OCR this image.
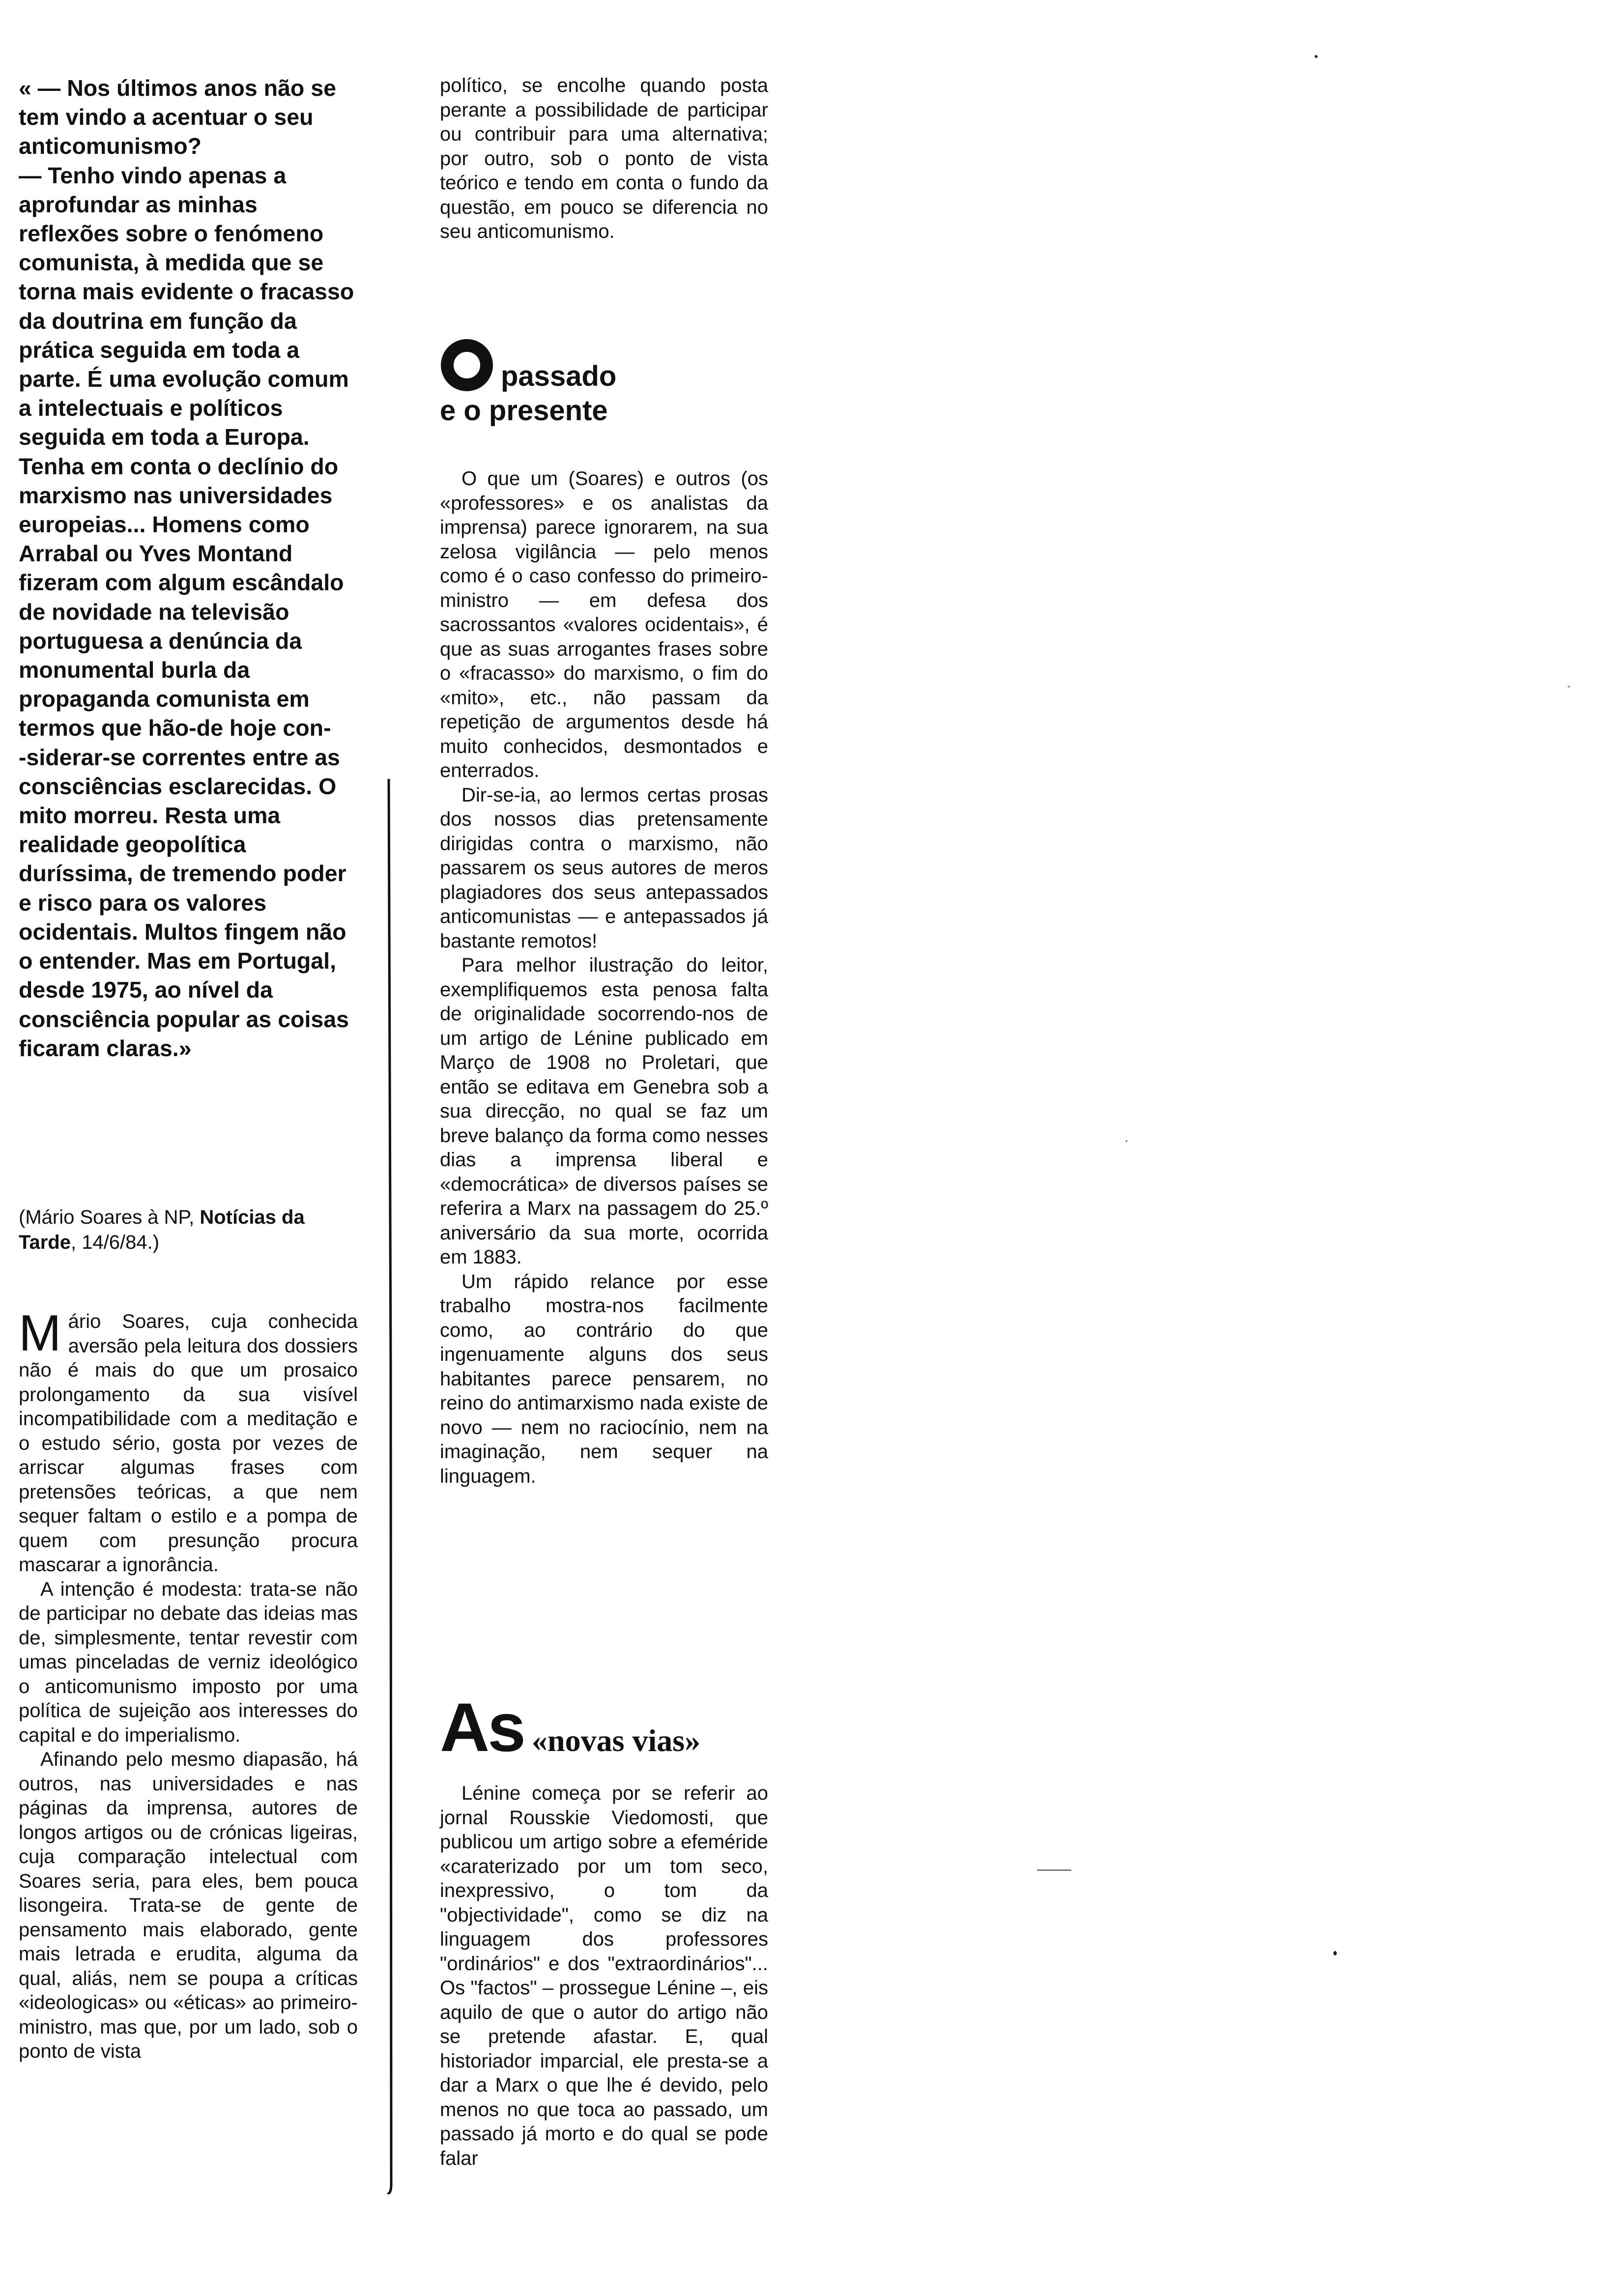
« — Nos últimos anos não se tem vindo a acentuar o seu anticomunismo?

— Tenho vindo apenas a aprofundar as minhas reflexões sobre o fenómeno comunista, à medida que se torna mais evidente o fracasso da doutrina em função da prática seguida em toda a parte. É uma evolução comum a intelectuais e políticos seguida em toda a Europa. Tenha em conta o declínio do marxismo nas universidades europeias... Homens como Arrabal ou Yves Montand fizeram com algum escândalo de novidade na televisão portuguesa a denúncia da monumental burla da propaganda comunista em termos que hão-de hoje con‑ ‑siderar-se correntes entre as consciências esclarecidas. O mito morreu. Resta uma realidade geopolítica duríssima, de tremendo poder e risco para os valores ocidentais. Multos fingem não o entender. Mas em Portugal, desde 1975, ao nível da consciência popular as coisas ficaram claras.»

(Mário Soares à NP, Notícias da Tarde, 14/6/84.)

Mário Soares, cuja conhecida aversão pela leitura dos dossiers não é mais do que um prosaico prolongamento da sua visível incompatibilidade com a meditação e o estudo sério, gosta por vezes de arriscar algumas frases com pretensões teóricas, a que nem sequer faltam o estilo e a pompa de quem com presunção procura mascarar a ignorância.

A intenção é modesta: trata-se não de participar no debate das ideias mas de, simplesmente, tentar revestir com umas pinceladas de verniz ideológico o anticomunismo imposto por uma política de sujeição aos interesses do capital e do imperialismo.

Afinando pelo mesmo diapasão, há outros, nas universidades e nas páginas da imprensa, autores de longos artigos ou de crónicas ligeiras, cuja comparação intelectual com Soares seria, para eles, bem pouca lisongeira. Trata-se de gente de pensamento mais elaborado, gente mais letrada e erudita, alguma da qual, aliás, nem se poupa a críticas «ideologicas» ou «éticas» ao primeiro-ministro, mas que, por um lado, sob o ponto de vista

político, se encolhe quando posta perante a possibilidade de participar ou contribuir para uma alternativa; por outro, sob o ponto de vista teórico e tendo em conta o fundo da questão, em pouco se diferencia no seu anticomunismo.

passado
e o presente

O que um (Soares) e outros (os «professores» e os analistas da imprensa) parece ignorarem, na sua zelosa vigilância — pelo menos como é o caso confesso do primeiro-ministro — em defesa dos sacrossantos «valores ocidentais», é que as suas arrogantes frases sobre o «fracasso» do marxismo, o fim do «mito», etc., não passam da repetição de argumentos desde há muito conhecidos, desmontados e enterrados.

Dir-se-ia, ao lermos certas prosas dos nossos dias pretensamente dirigidas contra o marxismo, não passarem os seus autores de meros plagiadores dos seus antepassados anticomunistas — e antepassados já bastante remotos!

Para melhor ilustração do leitor, exemplifiquemos esta penosa falta de originalidade socorrendo-nos de um artigo de Lénine publicado em Março de 1908 no Proletari, que então se editava em Genebra sob a sua direcção, no qual se faz um breve balanço da forma como nesses dias a imprensa liberal e «democrática» de diversos países se referira a Marx na passagem do 25.º aniversário da sua morte, ocorrida em 1883.

Um rápido relance por esse trabalho mostra-nos facilmente como, ao contrário do que ingenuamente alguns dos seus habitantes parece pensarem, no reino do antimarxismo nada existe de novo — nem no raciocínio, nem na imaginação, nem sequer na linguagem.

As «novas vias»

Lénine começa por se referir ao jornal Rousskie Viedomosti, que publicou um artigo sobre a efeméride «caraterizado por um tom seco, inexpressivo, o tom da "objectividade", como se diz na linguagem dos professores "ordinários" e dos "extraordinários"... Os "factos" – prossegue Lénine –, eis aquilo de que o autor do artigo não se pretende afastar. E, qual historiador imparcial, ele presta-se a dar a Marx o que lhe é devido, pelo menos no que toca ao passado, um passado já morto e do qual se pode falar
